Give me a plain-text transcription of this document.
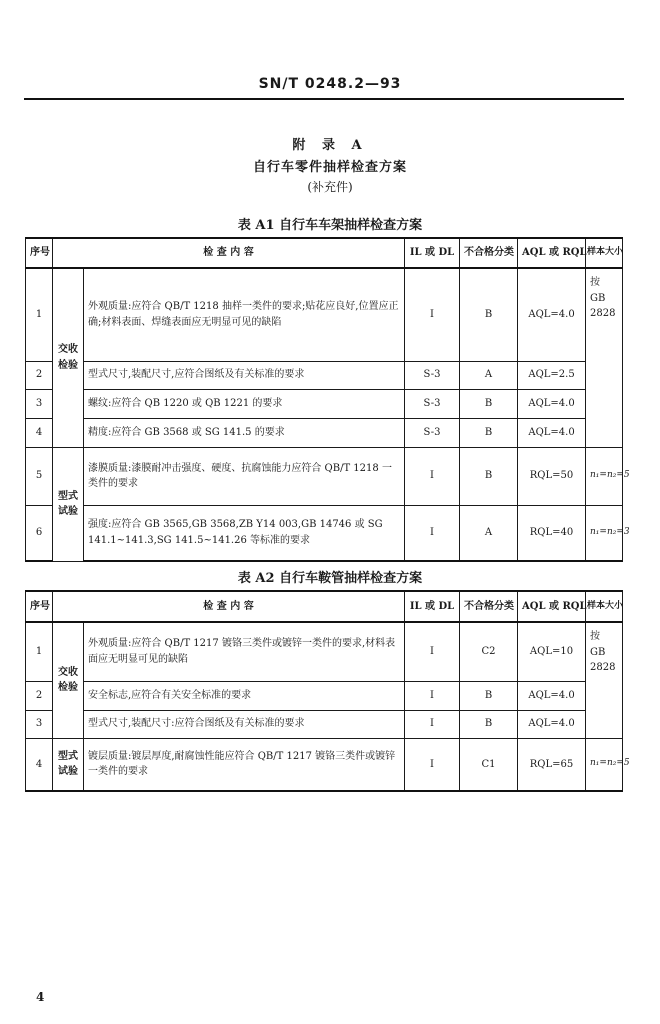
SN/T 0248.2—93
附 录 A
自行车零件抽样检查方案
(补充件)
表 A1 自行车车架抽样检查方案
序号	检 查 内 容		IL 或 DL	不合格分类	AQL 或 RQL	样本大小
1	交收检验	外观质量:应符合 QB/T 1218 抽样一类件的要求;贴花应良好,位置应正确;材料表面、焊缝表面应无明显可见的缺陷	I	B	AQL=4.0	按 GB 2828
2		型式尺寸,装配尺寸,应符合图纸及有关标准的要求	S-3	A	AQL=2.5	
3		螺纹:应符合 QB 1220 或 QB 1221 的要求	S-3	B	AQL=4.0	
4		精度:应符合 GB 3568 或 SG 141.5 的要求	S-3	B	AQL=4.0	
5	型式试验	漆膜质量:漆膜耐冲击强度、硬度、抗腐蚀能力应符合 QB/T 1218 一类件的要求	I	B	RQL=50	n₁=n₂=5
6		强度:应符合 GB 3565,GB 3568,ZB Y14 003,GB 14746 或 SG 141.1~141.3,SG 141.5~141.26 等标准的要求	I	A	RQL=40	n₁=n₂=3
表 A2 自行车鞍管抽样检查方案
序号	检 查 内 容		IL 或 DL	不合格分类	AQL 或 RQL	样本大小
1	交收检验	外观质量:应符合 QB/T 1217 镀铬三类件或镀锌一类件的要求,材料表面应无明显可见的缺陷	I	C2	AQL=10	按 GB 2828
2		安全标志,应符合有关安全标准的要求	I	B	AQL=4.0	
3		型式尺寸,装配尺寸:应符合图纸及有关标准的要求	I	B	AQL=4.0	
4	型式试验	镀层质量:镀层厚度,耐腐蚀性能应符合 QB/T 1217 镀铬三类件或镀锌一类件的要求	I	C1	RQL=65	n₁=n₂=5
4
